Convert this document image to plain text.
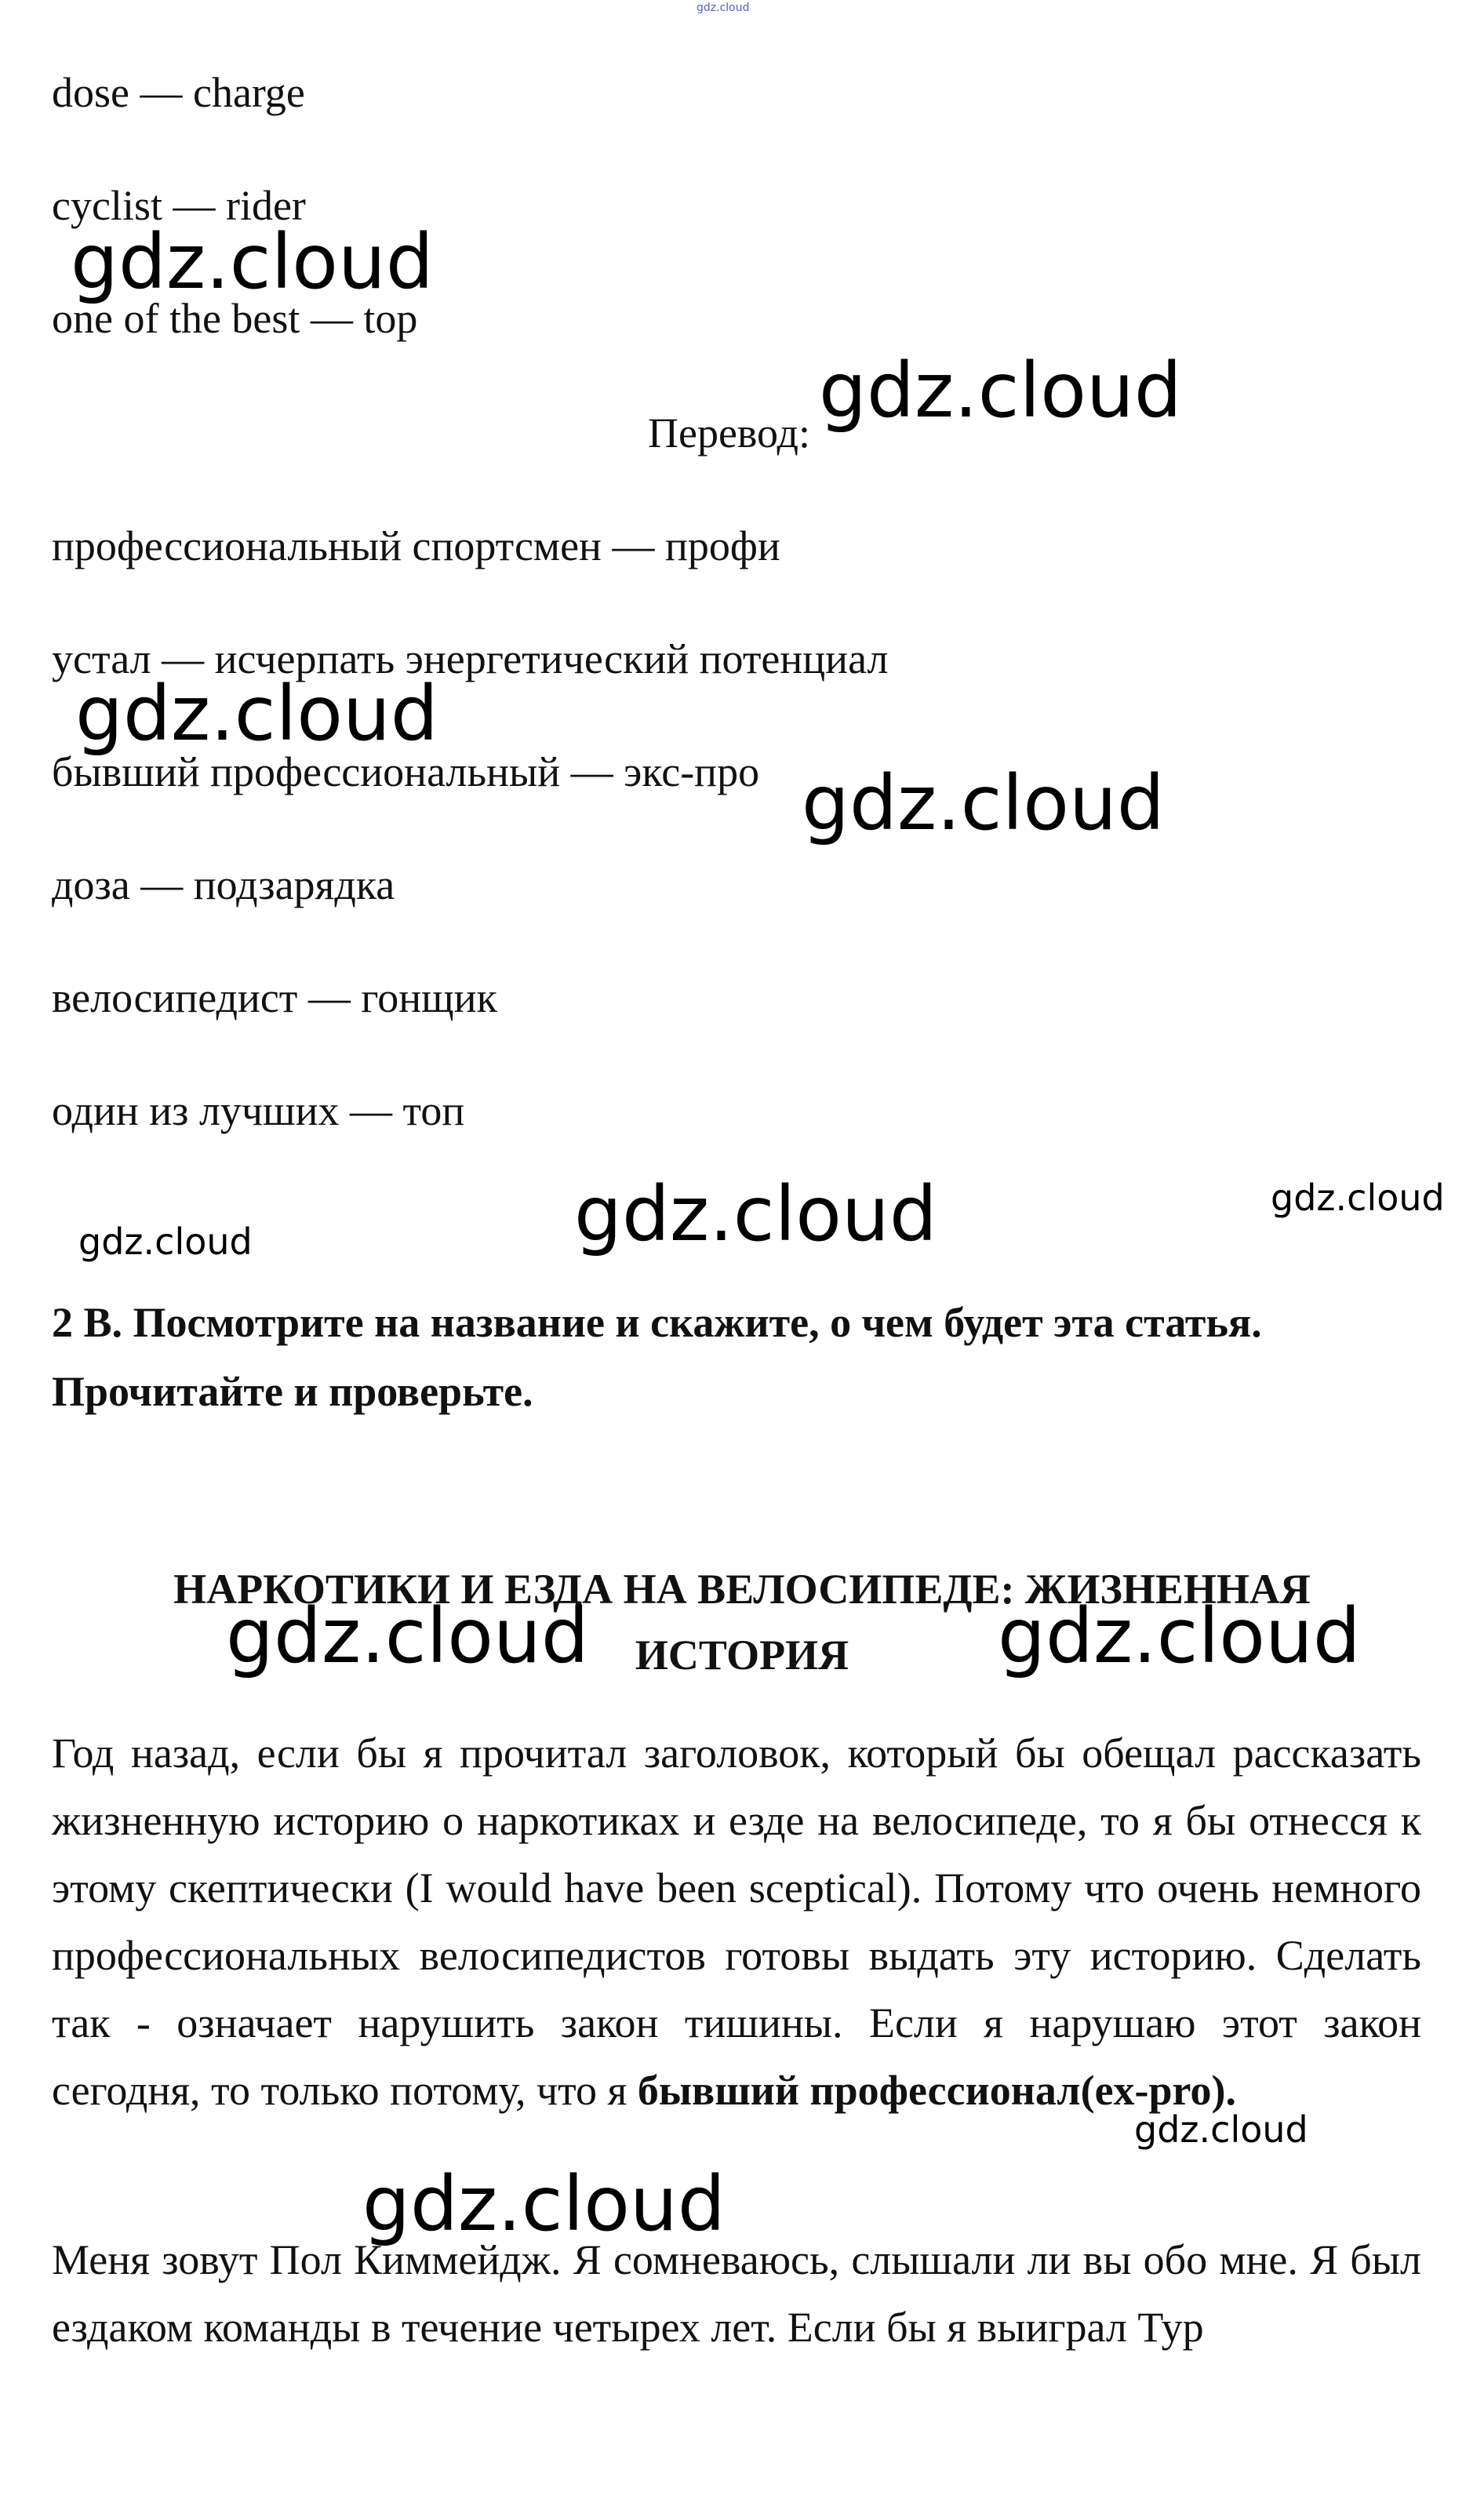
gdz.cloud
dose — charge
cyclist — rider
one of the best — top
Перевод:
профессиональный спортсмен — профи
устал — исчерпать энергетический потенциал
бывший профессиональный — экс-про
доза — подзарядка
велосипедист — гонщик
один из лучших — топ
2 B. Посмотрите на название и скажите, о чем будет эта статья.
Прочитайте и проверьте.
НАРКОТИКИ И ЕЗДА НА ВЕЛОСИПЕДЕ: ЖИЗНЕННАЯ
ИСТОРИЯ
Год назад, если бы я прочитал заголовок, который бы обещал рассказать жизненную историю о наркотиках и езде на велосипеде, то я бы отнесся к этому скептически (I would have been sceptical). Потому что очень немного профессиональных велосипедистов готовы выдать эту историю. Сделать так - означает нарушить закон тишины. Если я нарушаю этот закон сегодня, то только потому, что я бывший профессионал(ex-pro).
Меня зовут Пол Киммейдж. Я сомневаюсь, слышали ли вы обо мне. Я был ездаком команды в течение четырех лет. Если бы я выиграл Тур
gdz.cloud
gdz.cloud
gdz.cloud
gdz.cloud
gdz.cloud	gdz.cloud
gdz.cloud
gdz.cloud	gdz.cloud
gdz.cloud
gdz.cloud
